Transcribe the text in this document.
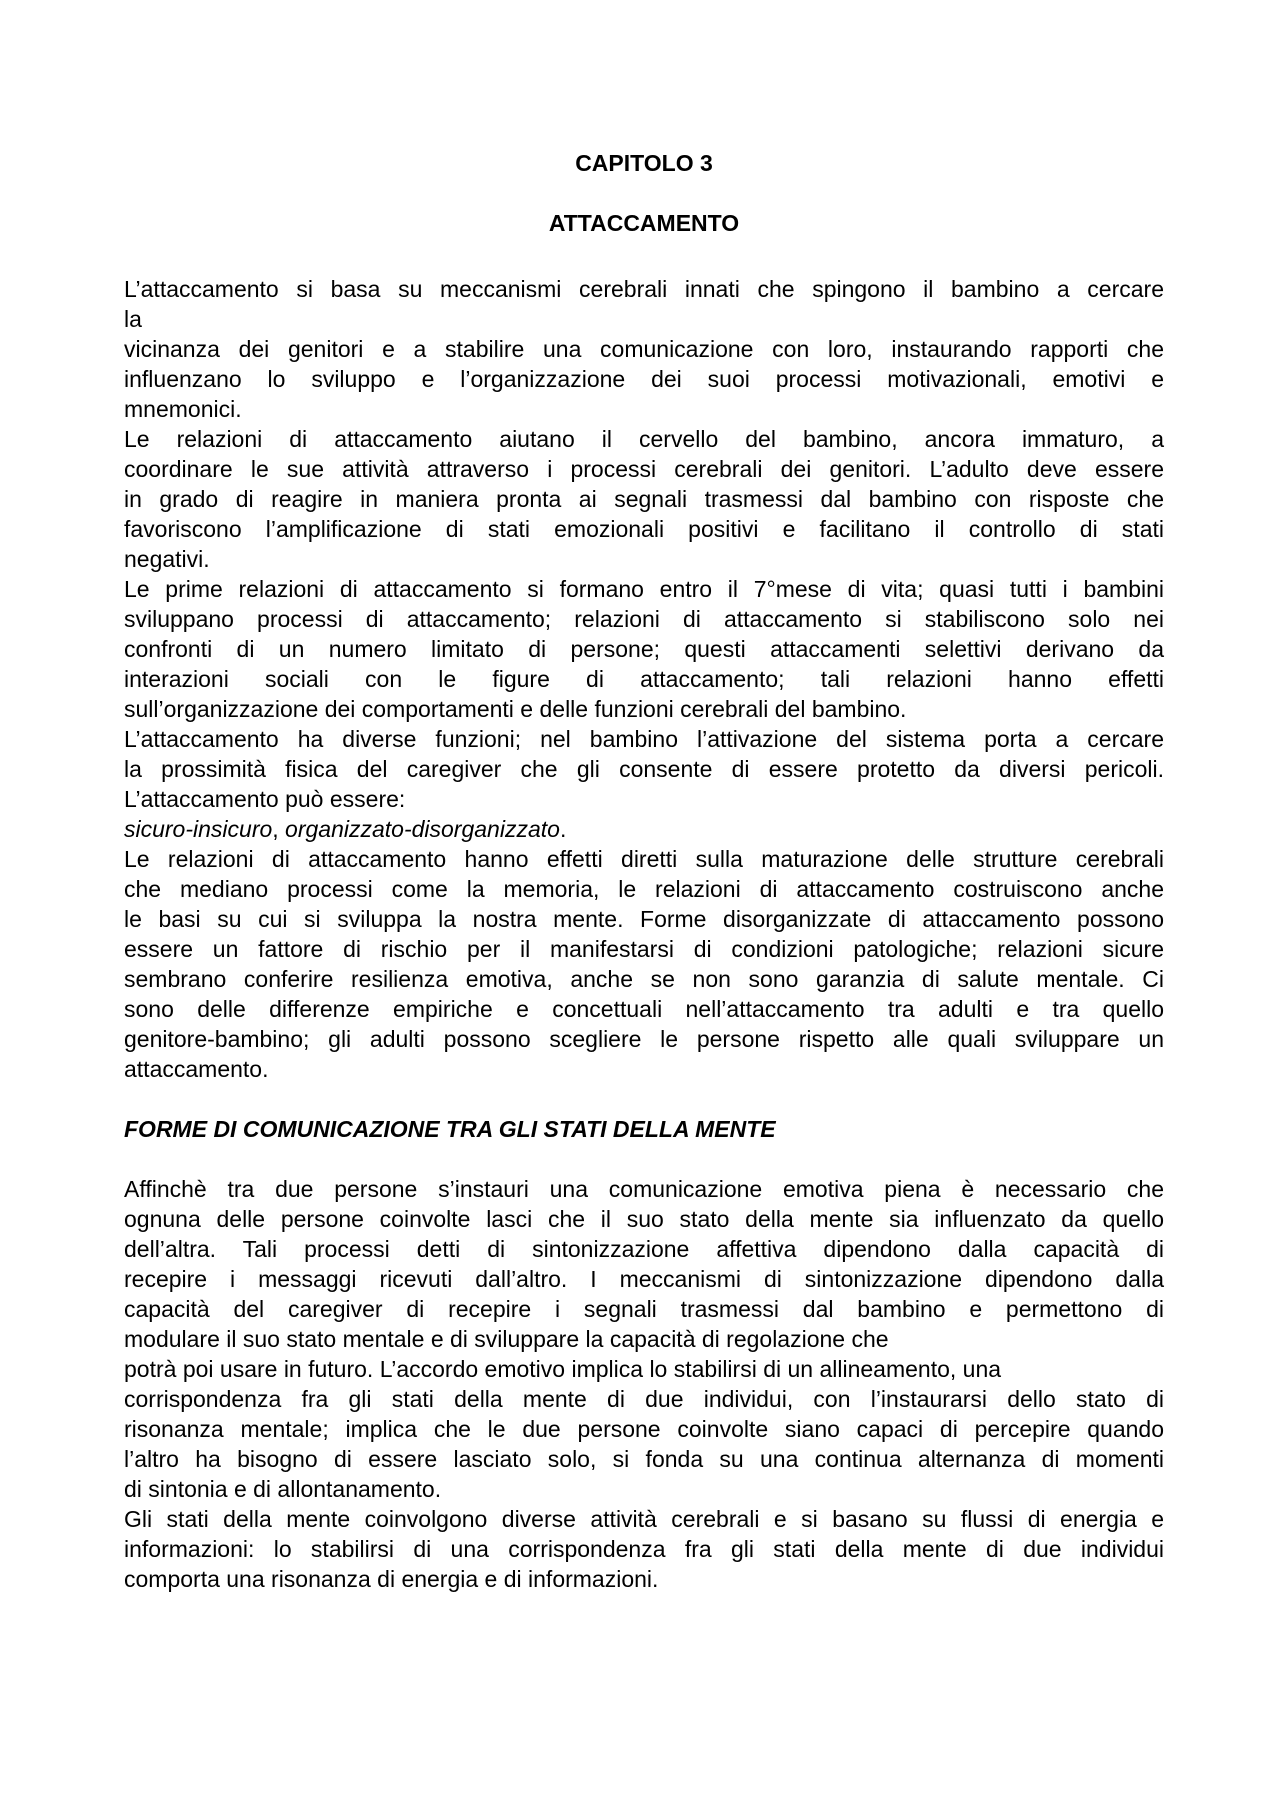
CAPITOLO 3
ATTACCAMENTO
L’attaccamento si basa su meccanismi cerebrali innati che spingono il bambino a cercare
la
vicinanza dei genitori e a stabilire una comunicazione con loro, instaurando rapporti che
influenzano lo sviluppo e l’organizzazione dei suoi processi motivazionali, emotivi e
mnemonici.
Le relazioni di attaccamento aiutano il cervello del bambino, ancora immaturo, a
coordinare le sue attività attraverso i processi cerebrali dei genitori. L’adulto deve essere
in grado di reagire in maniera pronta ai segnali trasmessi dal bambino con risposte che
favoriscono l’amplificazione di stati emozionali positivi e facilitano il controllo di stati
negativi.
Le prime relazioni di attaccamento si formano entro il 7°mese di vita; quasi tutti i bambini
sviluppano processi di attaccamento; relazioni di attaccamento si stabiliscono solo nei
confronti di un numero limitato di persone; questi attaccamenti selettivi derivano da
interazioni sociali con le figure di attaccamento; tali relazioni hanno effetti
sull’organizzazione dei comportamenti e delle funzioni cerebrali del bambino.
L’attaccamento ha diverse funzioni; nel bambino l’attivazione del sistema porta a cercare
la prossimità fisica del caregiver che gli consente di essere protetto da diversi pericoli.
L’attaccamento può essere:
sicuro-insicuro, organizzato-disorganizzato.
Le relazioni di attaccamento hanno effetti diretti sulla maturazione delle strutture cerebrali
che mediano processi come la memoria, le relazioni di attaccamento costruiscono anche
le basi su cui si sviluppa la nostra mente. Forme disorganizzate di attaccamento possono
essere un fattore di rischio per il manifestarsi di condizioni patologiche; relazioni sicure
sembrano conferire resilienza emotiva, anche se non sono garanzia di salute mentale. Ci
sono delle differenze empiriche e concettuali nell’attaccamento tra adulti e tra quello
genitore-bambino; gli adulti possono scegliere le persone rispetto alle quali sviluppare un
attaccamento.
FORME DI COMUNICAZIONE TRA GLI STATI DELLA MENTE
Affinchè tra due persone s’instauri una comunicazione emotiva piena è necessario che
ognuna delle persone coinvolte lasci che il suo stato della mente sia influenzato da quello
dell’altra. Tali processi detti di sintonizzazione affettiva dipendono dalla capacità di
recepire i messaggi ricevuti dall’altro. I meccanismi di sintonizzazione dipendono dalla
capacità del caregiver di recepire i segnali trasmessi dal bambino e permettono di
modulare il suo stato mentale e di sviluppare la capacità di regolazione che
potrà poi usare in futuro. L’accordo emotivo implica lo stabilirsi di un allineamento, una
corrispondenza fra gli stati della mente di due individui, con l’instaurarsi dello stato di
risonanza mentale; implica che le due persone coinvolte siano capaci di percepire quando
l’altro ha bisogno di essere lasciato solo, si fonda su una continua alternanza di momenti
di sintonia e di allontanamento.
Gli stati della mente coinvolgono diverse attività cerebrali e si basano su flussi di energia e
informazioni: lo stabilirsi di una corrispondenza fra gli stati della mente di due individui
comporta una risonanza di energia e di informazioni.
